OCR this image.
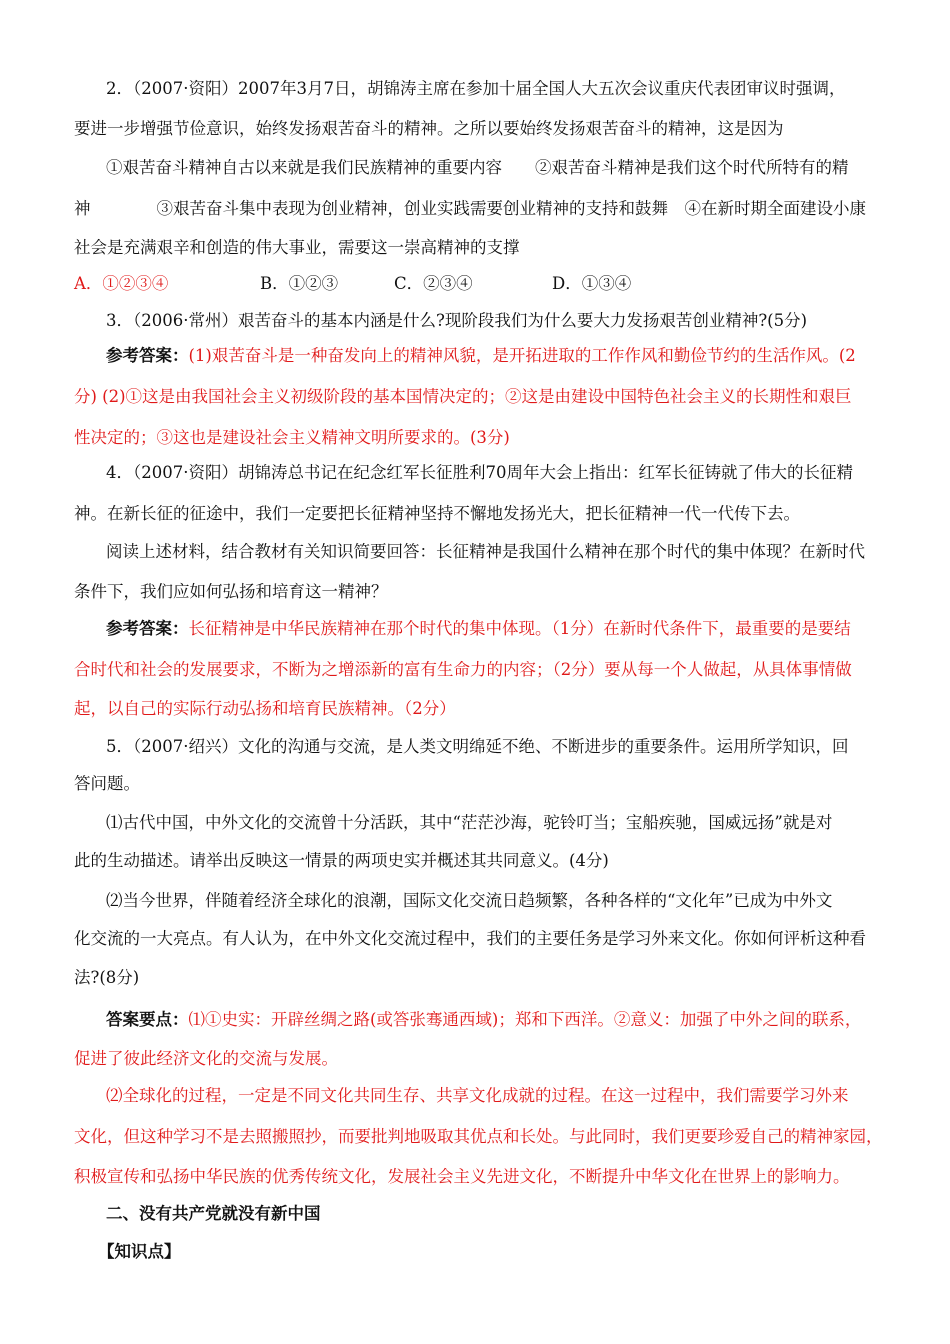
2．（2007·资阳）2007年3月7日，胡锦涛主席在参加十届全国人大五次会议重庆代表团审议时强调，
要进一步增强节俭意识，始终发扬艰苦奋斗的精神。之所以要始终发扬艰苦奋斗的精神，这是因为
①艰苦奋斗精神自古以来就是我们民族精神的重要内容　　②艰苦奋斗精神是我们这个时代所特有的精
神　　　　③艰苦奋斗集中表现为创业精神，创业实践需要创业精神的支持和鼓舞　④在新时期全面建设小康
社会是充满艰辛和创造的伟大事业，需要这一崇高精神的支撑
A．①②③④	B．①②③	C．②③④	D．①③④
3．（2006·常州）艰苦奋斗的基本内涵是什么?现阶段我们为什么要大力发扬艰苦创业精神?(5分)
参考答案：(1)艰苦奋斗是一种奋发向上的精神风貌，是开拓进取的工作作风和勤俭节约的生活作风。(2
分) (2)①这是由我国社会主义初级阶段的基本国情决定的；②这是由建设中国特色社会主义的长期性和艰巨
性决定的；③这也是建设社会主义精神文明所要求的。(3分)
4．（2007·资阳）胡锦涛总书记在纪念红军长征胜利70周年大会上指出：红军长征铸就了伟大的长征精
神。在新长征的征途中，我们一定要把长征精神坚持不懈地发扬光大，把长征精神一代一代传下去。
阅读上述材料，结合教材有关知识简要回答：长征精神是我国什么精神在那个时代的集中体现？在新时代
条件下，我们应如何弘扬和培育这一精神？
参考答案：长征精神是中华民族精神在那个时代的集中体现。（1分）在新时代条件下，最重要的是要结
合时代和社会的发展要求，不断为之增添新的富有生命力的内容；（2分）要从每一个人做起，从具体事情做
起，以自己的实际行动弘扬和培育民族精神。（2分）
5．（2007·绍兴）文化的沟通与交流，是人类文明绵延不绝、不断进步的重要条件。运用所学知识，回
答问题。
⑴古代中国，中外文化的交流曾十分活跃，其中“茫茫沙海，驼铃叮当；宝船疾驰，国威远扬”就是对
此的生动描述。请举出反映这一情景的两项史实并概述其共同意义。(4分)
⑵当今世界，伴随着经济全球化的浪潮，国际文化交流日趋频繁，各种各样的“文化年”已成为中外文
化交流的一大亮点。有人认为，在中外文化交流过程中，我们的主要任务是学习外来文化。你如何评析这种看
法?(8分)
答案要点：⑴①史实：开辟丝绸之路(或答张骞通西域)；郑和下西洋。②意义：加强了中外之间的联系，
促进了彼此经济文化的交流与发展。
⑵全球化的过程，一定是不同文化共同生存、共享文化成就的过程。在这一过程中，我们需要学习外来
文化，但这种学习不是去照搬照抄，而要批判地吸取其优点和长处。与此同时，我们更要珍爱自己的精神家园，
积极宣传和弘扬中华民族的优秀传统文化，发展社会主义先进文化，不断提升中华文化在世界上的影响力。
二、没有共产党就没有新中国
【知识点】
